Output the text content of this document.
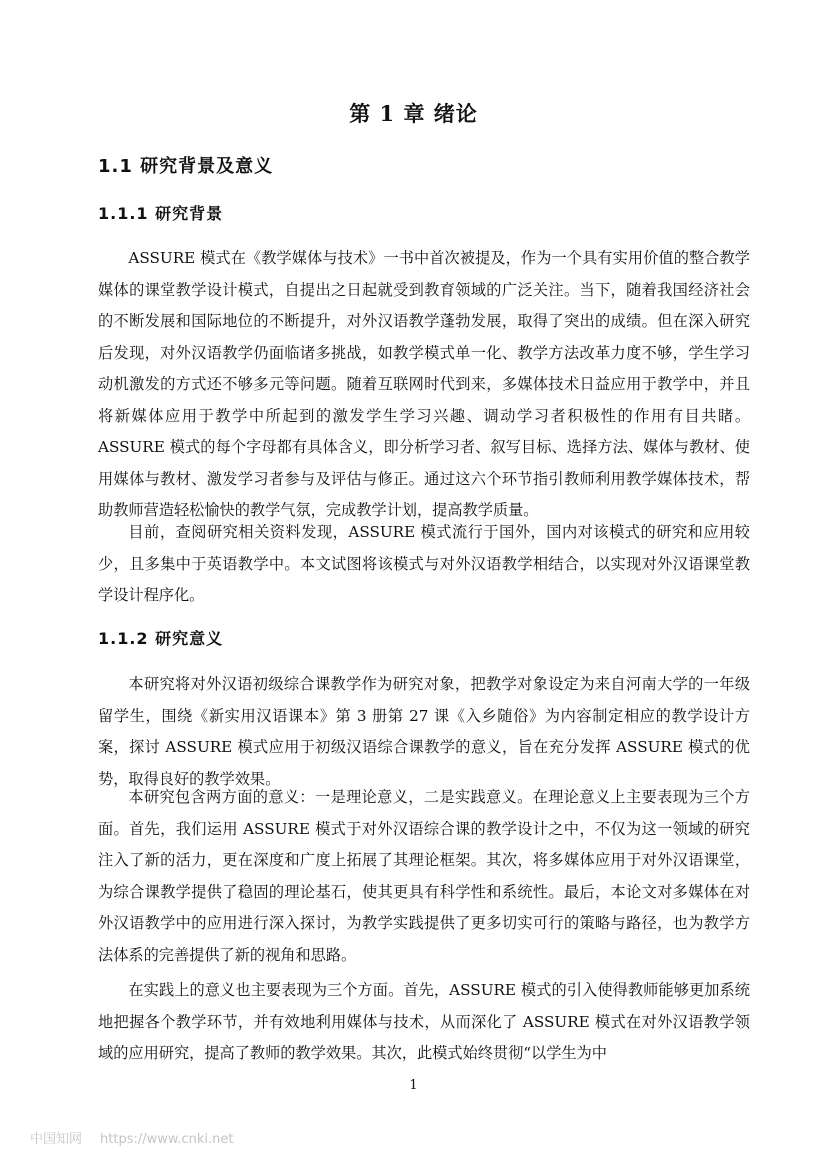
第 1 章 绪论
1.1 研究背景及意义
1.1.1 研究背景

ASSURE 模式在《教学媒体与技术》一书中首次被提及，作为一个具有实用价值的整合教学媒体的课堂教学设计模式，自提出之日起就受到教育领域的广泛关注。当下，随着我国经济社会的不断发展和国际地位的不断提升，对外汉语教学蓬勃发展，取得了突出的成绩。但在深入研究后发现，对外汉语教学仍面临诸多挑战，如教学模式单一化、教学方法改革力度不够，学生学习动机激发的方式还不够多元等问题。随着互联网时代到来，多媒体技术日益应用于教学中，并且将新媒体应用于教学中所起到的激发学生学习兴趣、调动学习者积极性的作用有目共睹。ASSURE 模式的每个字母都有具体含义，即分析学习者、叙写目标、选择方法、媒体与教材、使用媒体与教材、激发学习者参与及评估与修正。通过这六个环节指引教师利用教学媒体技术，帮助教师营造轻松愉快的教学气氛，完成教学计划，提高教学质量。

目前，查阅研究相关资料发现，ASSURE 模式流行于国外，国内对该模式的研究和应用较少，且多集中于英语教学中。本文试图将该模式与对外汉语教学相结合，以实现对外汉语课堂教学设计程序化。

1.1.2 研究意义

本研究将对外汉语初级综合课教学作为研究对象，把教学对象设定为来自河南大学的一年级留学生，围绕《新实用汉语课本》第 3 册第 27 课《入乡随俗》为内容制定相应的教学设计方案，探讨 ASSURE 模式应用于初级汉语综合课教学的意义，旨在充分发挥 ASSURE 模式的优势，取得良好的教学效果。

本研究包含两方面的意义：一是理论意义，二是实践意义。在理论意义上主要表现为三个方面。首先，我们运用 ASSURE 模式于对外汉语综合课的教学设计之中，不仅为这一领域的研究注入了新的活力，更在深度和广度上拓展了其理论框架。其次，将多媒体应用于对外汉语课堂，为综合课教学提供了稳固的理论基石，使其更具有科学性和系统性。最后，本论文对多媒体在对外汉语教学中的应用进行深入探讨，为教学实践提供了更多切实可行的策略与路径，也为教学方法体系的完善提供了新的视角和思路。

在实践上的意义也主要表现为三个方面。首先，ASSURE 模式的引入使得教师能够更加系统地把握各个教学环节，并有效地利用媒体与技术，从而深化了 ASSURE 模式在对外汉语教学领域的应用研究，提高了教师的教学效果。其次，此模式始终贯彻“以学生为中

1
中国知网 https://www.cnki.net
